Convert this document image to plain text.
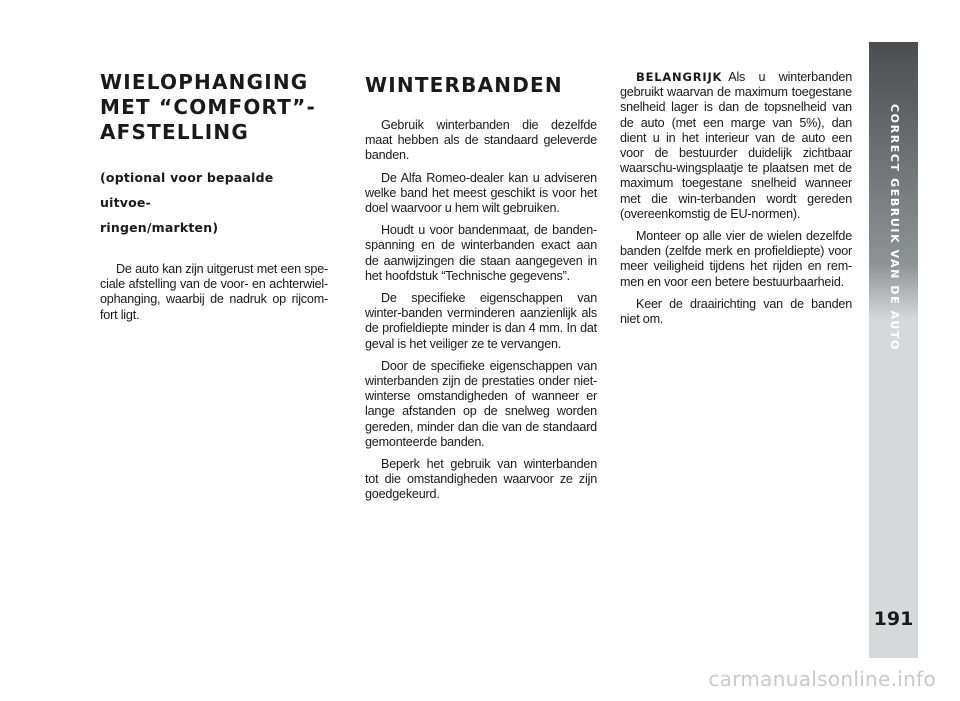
WIELOPHANGING
MET “COMFORT”-
AFSTELLING
(optional voor bepaalde uitvoe-
ringen/markten)

De auto kan zijn uitgerust met een spe-ciale afstelling van de voor- en achterwiel-ophanging, waarbij de nadruk op rijcom-fort ligt.

WINTERBANDEN

Gebruik winterbanden die dezelfde maat hebben als de standaard geleverde banden.

De Alfa Romeo-dealer kan u adviseren welke band het meest geschikt is voor het doel waarvoor u hem wilt gebruiken.

Houdt u voor bandenmaat, de banden-spanning en de winterbanden exact aan de aanwijzingen die staan aangegeven in het hoofdstuk “Technische gegevens”.

De specifieke eigenschappen van winter-banden verminderen aanzienlijk als de profieldiepte minder is dan 4 mm. In dat geval is het veiliger ze te vervangen.

Door de specifieke eigenschappen van winterbanden zijn de prestaties onder niet-winterse omstandigheden of wanneer er lange afstanden op de snelweg worden gereden, minder dan die van de standaard gemonteerde banden.

Beperk het gebruik van winterbanden tot die omstandigheden waarvoor ze zijn goedgekeurd.

BELANGRIJK Als u winterbanden gebruikt waarvan de maximum toegestane snelheid lager is dan de topsnelheid van de auto (met een marge van 5%), dan dient u in het interieur van de auto een voor de bestuurder duidelijk zichtbaar waarschu-wingsplaatje te plaatsen met de maximum toegestane snelheid wanneer met die win-terbanden wordt gereden (overeenkomstig de EU-normen).

Monteer op alle vier de wielen dezelfde banden (zelfde merk en profieldiepte) voor meer veiligheid tijdens het rijden en rem-men en voor een betere bestuurbaarheid.

Keer de draairichting van de banden niet om.	CORRECT GEBRUIK VAN DE AUTO
191
carmanualsonline.info
